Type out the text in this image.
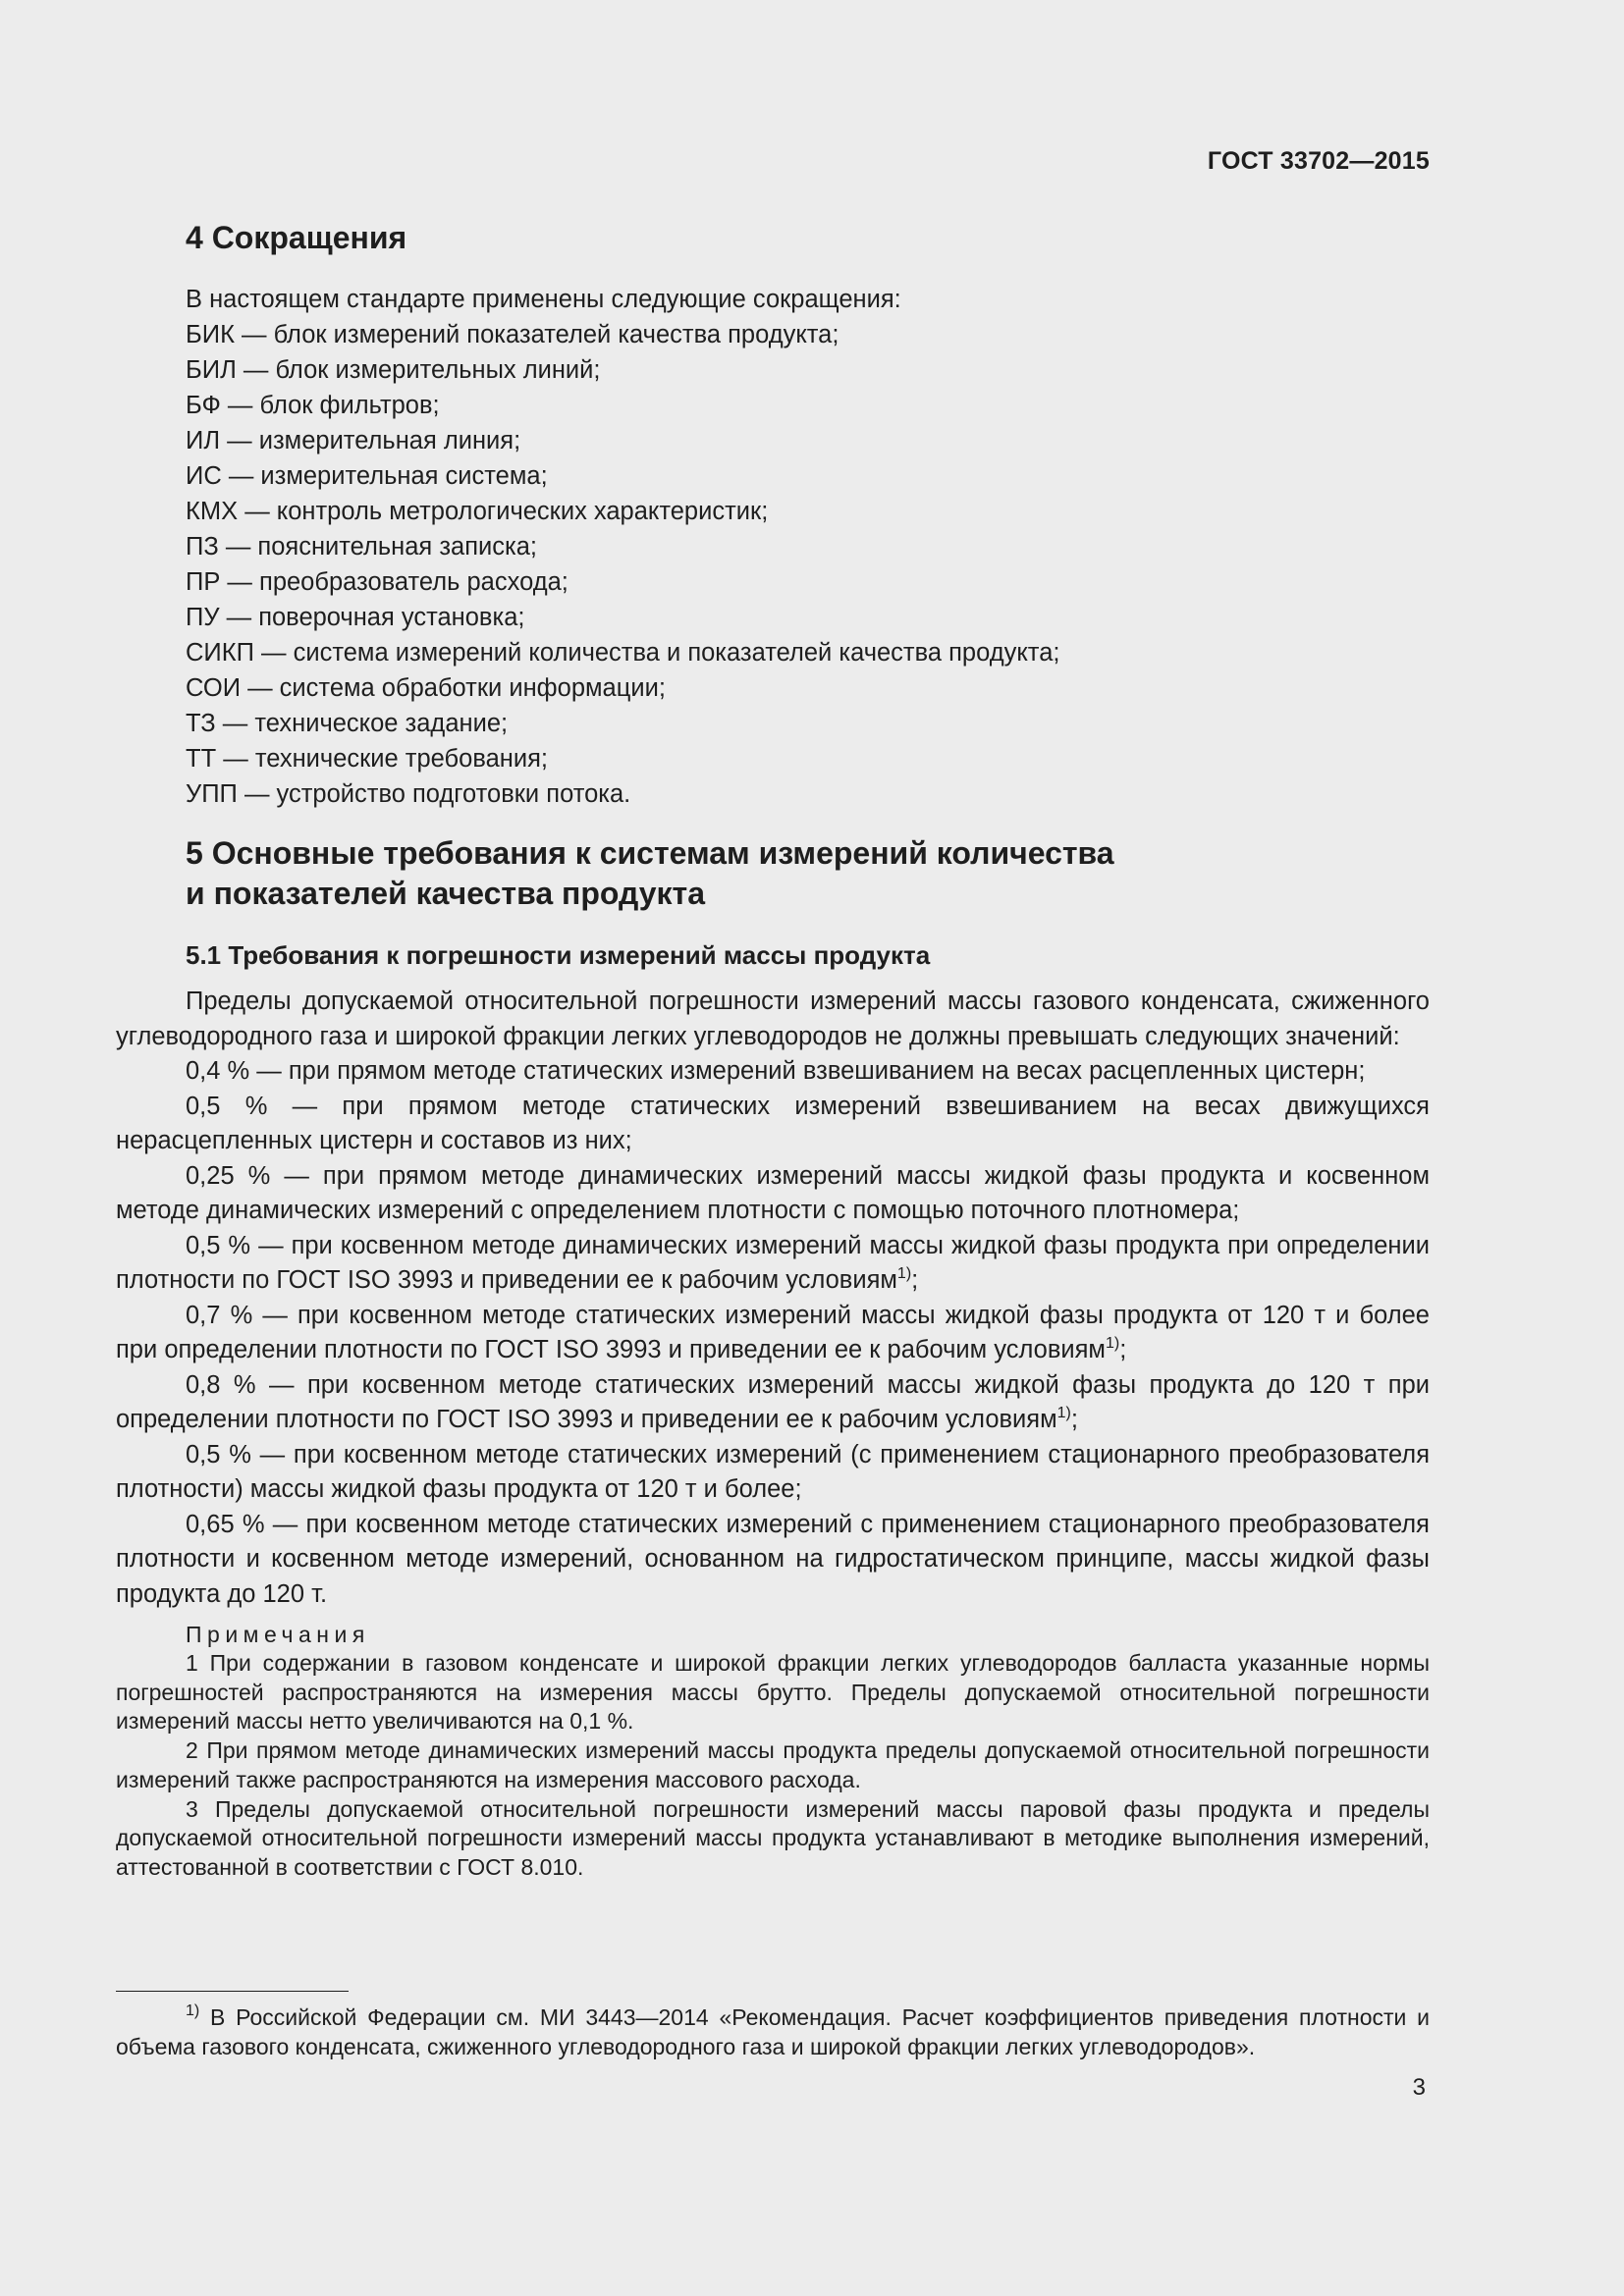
ГОСТ 33702—2015
4 Сокращения
В настоящем стандарте применены следующие сокращения:
БИК — блок измерений показателей качества продукта;
БИЛ — блок измерительных линий;
БФ — блок фильтров;
ИЛ — измерительная линия;
ИС — измерительная система;
КМХ — контроль метрологических характеристик;
ПЗ — пояснительная записка;
ПР — преобразователь расхода;
ПУ — поверочная установка;
СИКП — система измерений количества и показателей качества продукта;
СОИ — система обработки информации;
ТЗ — техническое задание;
ТТ — технические требования;
УПП — устройство подготовки потока.
5 Основные требования к системам измерений количества
и показателей качества продукта
5.1 Требования к погрешности измерений массы продукта

Пределы допускаемой относительной погрешности измерений массы газового конденсата, сжиженного углеводородного газа и широкой фракции легких углеводородов не должны превышать следующих значений:

0,4 % — при прямом методе статических измерений взвешиванием на весах расцепленных цистерн;

0,5 % — при прямом методе статических измерений взвешиванием на весах движущихся нерасцепленных цистерн и составов из них;

0,25 % — при прямом методе динамических измерений массы жидкой фазы продукта и косвенном методе динамических измерений с определением плотности с помощью поточного плотномера;

0,5 % — при косвенном методе динамических измерений массы жидкой фазы продукта при определении плотности по ГОСТ ISO 3993 и приведении ее к рабочим условиям$^{1)}$;

0,7 % — при косвенном методе статических измерений массы жидкой фазы продукта от 120 т и более при определении плотности по ГОСТ ISO 3993 и приведении ее к рабочим условиям$^{1)}$;

0,8 % — при косвенном методе статических измерений массы жидкой фазы продукта до 120 т при определении плотности по ГОСТ ISO 3993 и приведении ее к рабочим условиям$^{1)}$;

0,5 % — при косвенном методе статических измерений (с применением стационарного преобразователя плотности) массы жидкой фазы продукта от 120 т и более;

0,65 % — при косвенном методе статических измерений с применением стационарного преобразователя плотности и косвенном методе измерений, основанном на гидростатическом принципе, массы жидкой фазы продукта до 120 т.

Примечания

1 При содержании в газовом конденсате и широкой фракции легких углеводородов балласта указанные нормы погрешностей распространяются на измерения массы брутто. Пределы допускаемой относительной погрешности измерений массы нетто увеличиваются на 0,1 %.

2 При прямом методе динамических измерений массы продукта пределы допускаемой относительной погрешности измерений также распространяются на измерения массового расхода.

3 Пределы допускаемой относительной погрешности измерений массы паровой фазы продукта и пределы допускаемой относительной погрешности измерений массы продукта устанавливают в методике выполнения измерений, аттестованной в соответствии с ГОСТ 8.010.

$^{1)}$ В Российской Федерации см. МИ 3443—2014 «Рекомендация. Расчет коэффициентов приведения плотности и объема газового конденсата, сжиженного углеводородного газа и широкой фракции легких углеводородов».

3
